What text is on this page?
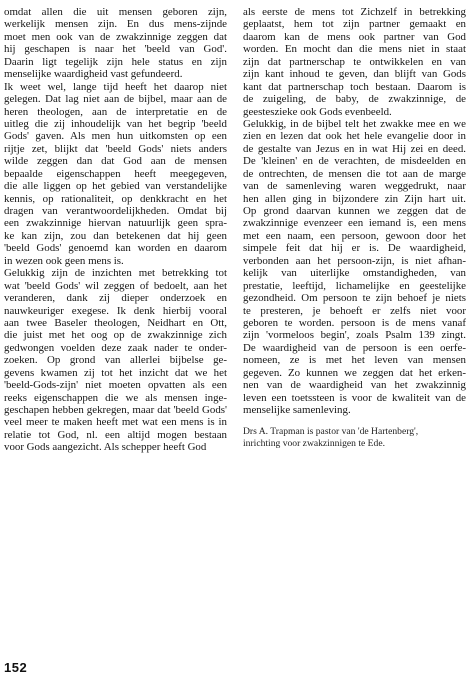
omdat allen die uit mensen geboren zijn,
werkelijk mensen zijn. En dus mens-zijnde
moet men ook van de zwakzinnige zeggen dat
hij geschapen is naar het 'beeld van God'.
Daarin ligt tegelijk zijn hele status en zijn
menselijke waardigheid vast gefundeerd.
Ik weet wel, lange tijd heeft het daarop niet
gelegen. Dat lag niet aan de bijbel, maar aan de
heren theologen, aan de interpretatie en de
uitleg die zij inhoudelijk van het begrip 'beeld
Gods' gaven. Als men hun uitkomsten op een
rijtje zet, blijkt dat 'beeld Gods' niets anders
wilde zeggen dan dat God aan de mensen
bepaalde eigenschappen heeft meegegeven,
die alle liggen op het gebied van verstandelijke
kennis, op rationaliteit, op denkkracht en het
dragen van verantwoordelijkheden. Omdat bij
een zwakzinnige hiervan natuurlijk geen spra-
ke kan zijn, zou dan betekenen dat hij geen
'beeld Gods' genoemd kan worden en daarom
in wezen ook geen mens is.
Gelukkig zijn de inzichten met betrekking tot
wat 'beeld Gods' wil zeggen of bedoelt, aan het
veranderen, dank zij dieper onderzoek en
nauwkeuriger exegese. Ik denk hierbij vooral
aan twee Baseler theologen, Neidhart en Ott,
die juist met het oog op de zwakzinnige zich
gedwongen voelden deze zaak nader te onder-
zoeken. Op grond van allerlei bijbelse ge-
gevens kwamen zij tot het inzicht dat we het
'beeld-Gods-zijn' niet moeten opvatten als een
reeks eigenschappen die we als mensen inge-
geschapen hebben gekregen, maar dat 'beeld Gods'
veel meer te maken heeft met wat een mens is in
relatie tot God, nl. een altijd mogen bestaan
voor Gods aangezicht. Als schepper heeft God
als eerste de mens tot Zichzelf in betrekking
geplaatst, hem tot zijn partner gemaakt en
daarom kan de mens ook partner van God
worden. En mocht dan die mens niet in staat
zijn dat partnerschap te ontwikkelen en van
zijn kant inhoud te geven, dan blijft van Gods
kant dat partnerschap toch bestaan. Daarom is
de zuigeling, de baby, de zwakzinnige, de
geestesziеke ook Gods evenbeeld.
Gelukkig, in de bijbel telt het zwakke mee en we
zien en lezen dat ook het hele evangelie door in
de gestalte van Jezus en in wat Hij zei en deed.
De 'kleinen' en de verachten, de misdeelden en
de ontrechten, de mensen die tot aan de marge
van de samenleving waren weggedrukt, naar
hen allen ging in bijzondere zin Zijn hart uit.
Op grond daarvan kunnen we zeggen dat de
zwakzinnige evenzeer een iemand is, een mens
met een naam, een persoon, gewoon door het
simpele feit dat hij er is. De waardigheid,
verbonden aan het persoon-zijn, is niet afhan-
kelijk van uiterlijke omstandigheden, van
prestatie, leeftijd, lichamelijke en geestelijke
gezondheid. Om persoon te zijn behoef je niets
te presteren, je behoeft er zelfs niet voor
geboren te worden. persoon is de mens vanaf
zijn 'vormeloos begin', zoals Psalm 139 zingt.
De waardigheid van de persoon is een oerfe-
nomeen, ze is met het leven van mensen
gegeven. Zo kunnen we zeggen dat het erken-
nen van de waardigheid van het zwakzinnig
leven een toetssteen is voor de kwaliteit van de
menselijke samenleving.
Drs A. Trapman is pastor van 'de Hartenberg',
inrichting voor zwakzinnigen te Ede.
152
